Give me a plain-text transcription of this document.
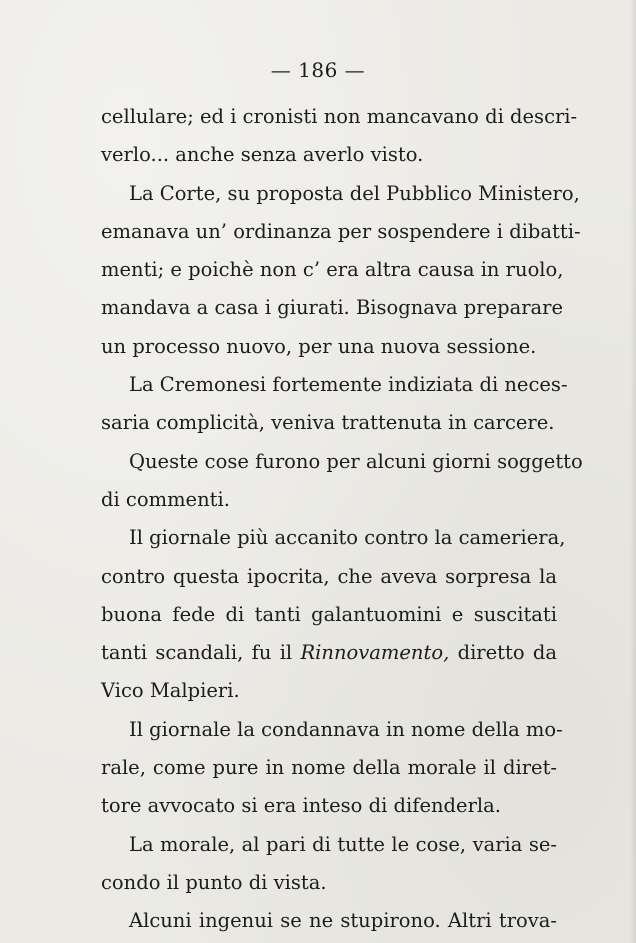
— 186 —
cellulare; ed i cronisti non mancavano di descri-
verlo... anche senza averlo visto.
La Corte, su proposta del Pubblico Ministero,
emanava un’ ordinanza per sospendere i dibatti-
menti; e poichè non c’ era altra causa in ruolo,
mandava a casa i giurati. Bisognava preparare
un processo nuovo, per una nuova sessione.
La Cremonesi fortemente indiziata di neces-
saria complicità, veniva trattenuta in carcere.
Queste cose furono per alcuni giorni soggetto
di commenti.
Il giornale più accanito contro la cameriera,
contro questa ipocrita, che aveva sorpresa la
buona fede di tanti galantuomini e suscitati
tanti scandali, fu il Rinnovamento, diretto da
Vico Malpieri.
Il giornale la condannava in nome della mo-
rale, come pure in nome della morale il diret-
tore avvocato si era inteso di difenderla.
La morale, al pari di tutte le cose, varia se-
condo il punto di vista.
Alcuni ingenui se ne stupirono. Altri trova-
